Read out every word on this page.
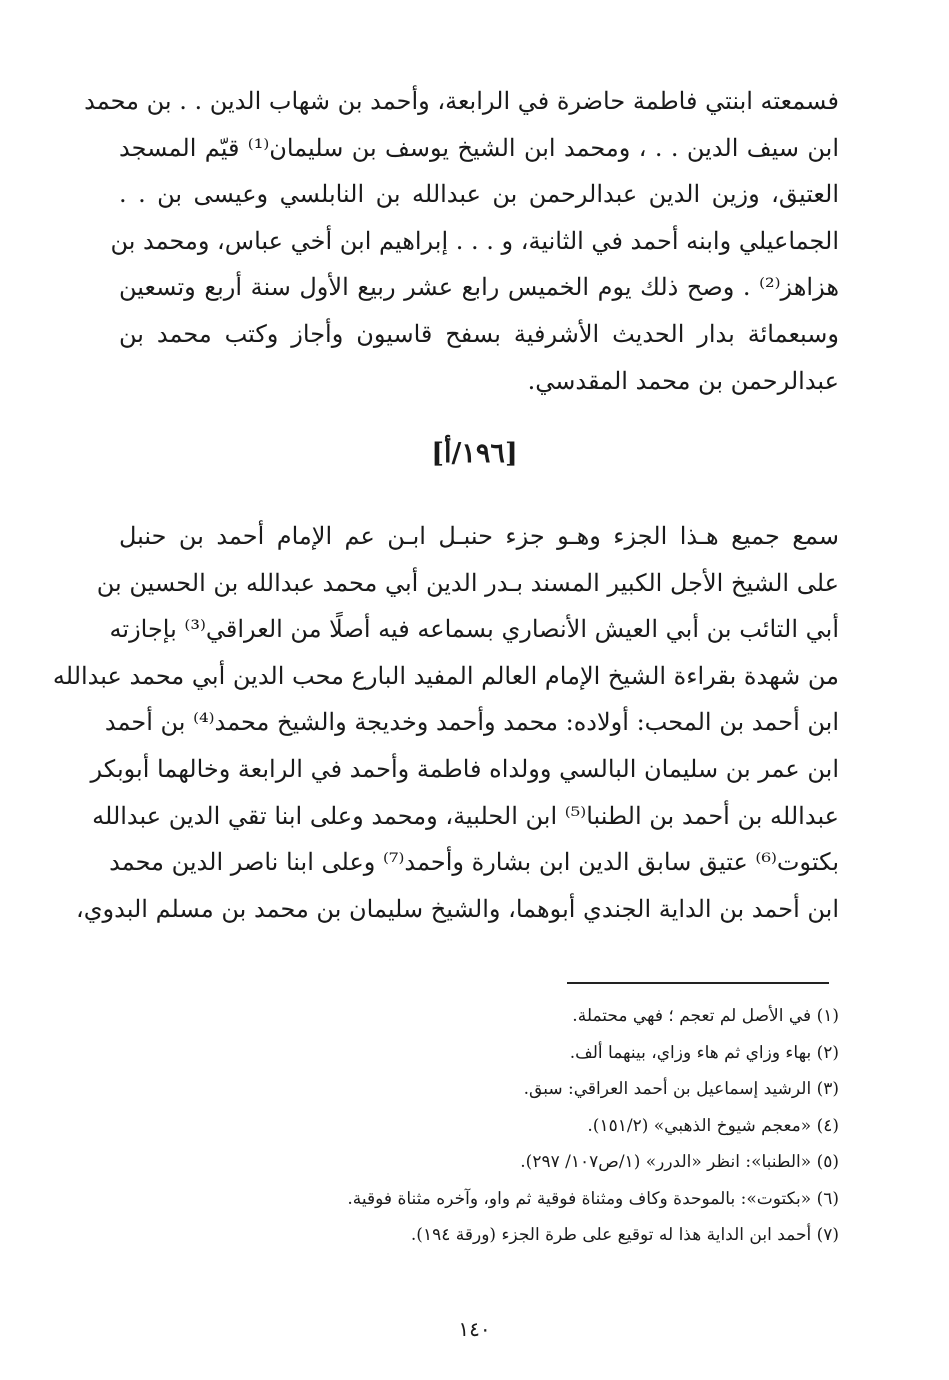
فسمعته ابنتي فاطمة حاضرة في الرابعة، وأحمد بن شهاب الدين . . بن محمد
ابن سيف الدين . . ، ومحمد ابن الشيخ يوسف بن سليمان⁽¹⁾ قيّم المسجد
العتيق، وزين الدين عبدالرحمن بن عبدالله بن النابلسي وعيسى بن . .
الجماعيلي وابنه أحمد في الثانية، و . . . إبراهيم ابن أخي عباس، ومحمد بن
هزاهز⁽²⁾ . وصح ذلك يوم الخميس رابع عشر ربيع الأول سنة أربع وتسعين
وسبعمائة بدار الحديث الأشرفية بسفح قاسيون وأجاز وكتب محمد بن
عبدالرحمن بن محمد المقدسي.
[١٩٦/أ]
سمع جميع هـذا الجزء وهـو جزء حنبـل ابـن عم الإمام أحمد بن حنبل
على الشيخ الأجل الكبير المسند بـدر الدين أبي محمد عبدالله بن الحسين بن
أبي التائب بن أبي العيش الأنصاري بسماعه فيه أصلًا من العراقي⁽³⁾ بإجازته
من شهدة بقراءة الشيخ الإمام العالم المفيد البارع محب الدين أبي محمد عبدالله
ابن أحمد بن المحب: أولاده: محمد وأحمد وخديجة والشيخ محمد⁽⁴⁾ بن أحمد
ابن عمر بن سليمان البالسي وولداه فاطمة وأحمد في الرابعة وخالهما أبوبكر
عبدالله بن أحمد بن الطنبا⁽⁵⁾ ابن الحلبية، ومحمد وعلى ابنا تقي الدين عبدالله
بكتوت⁽⁶⁾ عتيق سابق الدين ابن بشارة وأحمد⁽⁷⁾ وعلى ابنا ناصر الدين محمد
ابن أحمد بن الداية الجندي أبوهما، والشيخ سليمان بن محمد بن مسلم البدوي،
(١) في الأصل لم تعجم ؛ فهي محتملة.
(٢) بهاء وزاي ثم هاء وزاي، بينهما ألف.
(٣) الرشيد إسماعيل بن أحمد العراقي: سبق.
(٤) «معجم شيوخ الذهبي» (١٥١/٢).
(٥) «الطنبا»: انظر «الدرر» (١/ص١٠٧/ ٢٩٧).
(٦) «بكتوت»: بالموحدة وكاف ومثناة فوقية ثم واو، وآخره مثناة فوقية.
(٧) أحمد ابن الداية هذا له توقيع على طرة الجزء (ورقة ١٩٤).
١٤٠
